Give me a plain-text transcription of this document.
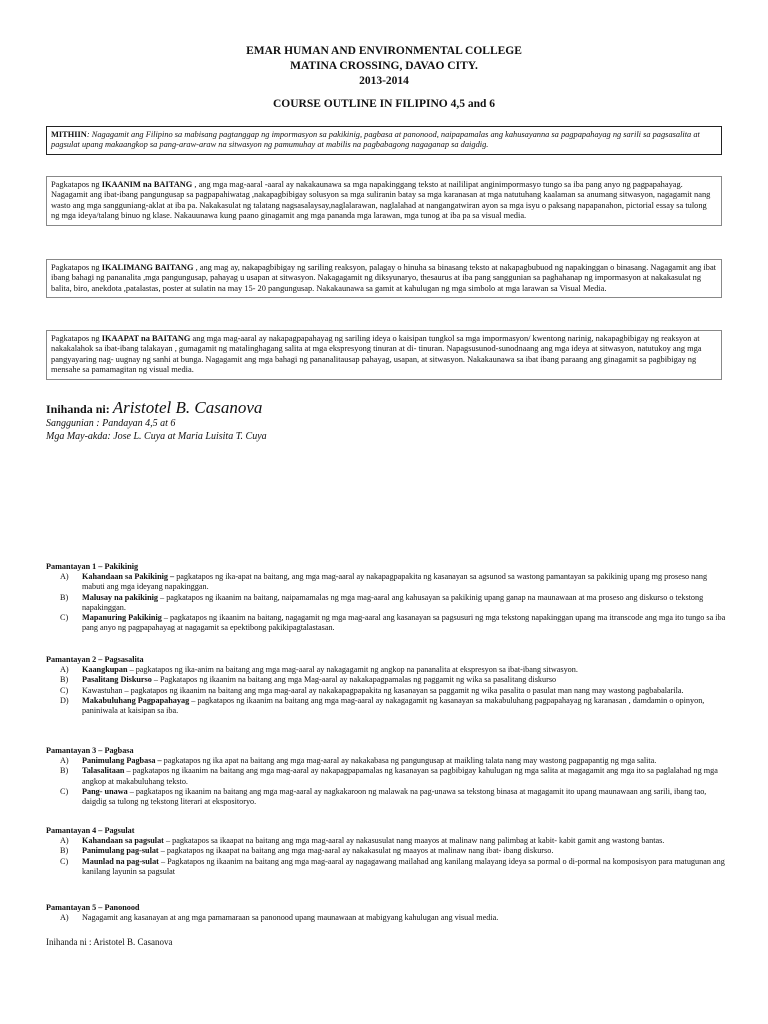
EMAR HUMAN AND ENVIRONMENTAL COLLEGE
MATINA CROSSING, DAVAO CITY.
2013-2014
COURSE OUTLINE IN FILIPINO 4,5 and 6
MITHIIN: Nagagamit ang Filipino sa mabisang pagtanggap ng impormasyon sa pakikinig, pagbasa at panonood, naipapamalas ang kahusayanna sa pagpapahayag ng sarili sa pagsasalita at pagsulat upang makaangkop sa pang-araw-araw na sitwasyon ng pamumuhay at mabilis na pagbabagong nagaganap sa daigdig.
Pagkatapos ng IKAANIM na BAITANG , ang mga mag-aaral -aaral ay nakakaunawa sa mga napakinggang teksto at naililipat anginimpormasyo tungo sa iba pang anyo ng pagpapahayag. Nagagamit ang ibat-ibang pangungusap sa pagpapahiwatag ,nakapagbibigay solusyon sa mga suliranin batay sa mga karanasan at mga natutuhang kaalaman sa anumang sitwasyon, nagagamit nang wasto ang mga sangguniang-aklat at iba pa. Nakakasulat ng talatang nagsasalaysay,naglalarawan, naglalahad at nangangatwiran ayon sa mga isyu o paksang napapanahon, pictorial essay sa tulong ng mga ideya/talang binuo ng klase. Nakauunawa kung paano ginagamit ang mga pananda mga larawan, mga tunog at iba pa sa visual media.
Pagkatapos ng IKALIMANG BAITANG , ang mag ay, nakapagbibigay ng sariling reaksyon, palagay o hinuha sa binasang teksto at nakapagbubuod ng napakinggan o binasang. Nagagamit ang ibat ibang bahagi ng pananalita ,mga pangungusap, pahayag u usapan at sitwasyon. Nakagagamit ng diksyunaryo, thesaurus at iba pang sanggunian sa paghahanap ng impormasyon at nakakasulat ng balita, biro, anekdota ,patalastas, poster at sulatin na may 15- 20 pangungusap. Nakakaunawa sa gamit at kahulugan ng mga simbolo at mga larawan sa Visual Media.
Pagkatapos ng IKAAPAT na BAITANG ang mga mag-aaral ay nakapagpapahayag ng sariling ideya o kaisipan tungkol sa mga impormasyon/ kwentong narinig, nakapagbibigay ng reaksyon at nakakalahok sa ibat-ibang talakayan , gumagamit ng matalinghagang salita at mga ekspresyong tinuran at di- tinuran. Napagsusunod-sunodnaang ang mga ideya at sitwasyon, natutukoy ang mga pangyayaring nag- uugnay ng sanhi at bunga. Nagagamit ang mga bahagi ng pananalitausap pahayag, usapan, at sitwasyon. Nakakaunawa sa ibat ibang paraang ang ginagamit sa pagbibigay ng mensahe sa pamamagitan ng visual media.
Inihanda ni: Aristotel B. Casanova
Sanggunian : Pandayan 4,5 at 6
Mga May-akda: Jose L. Cuya at Maria Luisita T. Cuya
Pamantayan 1 – Pakikinig
A)	Kahandaan sa Pakikinig – pagkatapos ng ika-apat na baitang, ang mga mag-aaral ay nakapagpapakita ng kasanayan sa agsunod sa wastong pamantayan sa pakikinig upang mg proseso nang mabuti ang mga ideyang napakinggan.
B)	Malusay na pakikinig – pagkatapos ng ikaanim na baitang, naipamamalas ng mga mag-aaral ang kahusayan sa pakikinig upang ganap na maunawaan at ma proseso ang diskurso o tekstong napakinggan.
C)	Mapanuring Pakikinig – pagkatapos ng ikaanim na baitang, nagagamit ng mga mag-aaral ang kasanayan sa pagsusuri ng mga tekstong napakinggan upang ma itranscode ang mga ito tungo sa iba pang anyo ng pagpapahayag at nagagamit sa epektibong pakikipagtalastasan.
Pamantayan 2 – Pagsasalita
A)	Kaangkupan – pagkatapos ng ika-anim na baitang ang mga mag-aaral ay nakagagamit ng angkop na pananalita at ekspresyon sa ibat-ibang sitwasyon.
B)	Pasalitang Diskurso – Pagkatapos ng ikaanim na baitang ang mga Mag-aaral ay nakakapagpamalas ng paggamit ng wika sa pasalitang diskurso
C)	Kawastuhan – pagkatapos ng ikaanim na baitang ang mga mag-aaral ay nakakapagpapakita ng kasanayan sa paggamit ng wika pasalita o pasulat man nang may wastong pagbabalarila.
D)	Makabuluhang Pagpapahayag – pagkatapos ng ikaanim na baitang ang mga mag-aaral ay nakagagamit ng kasanayan sa makabuluhang pagpapahayag ng karanasan , damdamin o opinyon, paniniwala at kaisipan sa iba.
Pamantayan 3 – Pagbasa
A)	Panimulang Pagbasa – pagkatapos ng ika apat na baitang ang mga mag-aaral ay nakakabasa ng pangungusap at maikling talata nang may wastong pagpapantig ng mga salita.
B)	Talasalitaan – pagkatapos ng ikaanim na baitang ang mga mag-aaral ay nakapagpapamalas ng kasanayan sa pagbibigay kahulugan ng mga salita at magagamit ang mga ito sa paglalahad ng mga angkop at makabuluhang teksto.
C)	Pang- unawa – pagkatapos ng ikaanim na baitang ang mga mag-aaral ay nagkakaroon ng malawak na pag-unawa sa tekstong binasa at magagamit ito upang maunawaan ang sarili, ibang tao, daigdig sa tulong ng tekstong literari at ekspositoryo.
Pamantayan 4 – Pagsulat
A)	Kahandaan sa pagsulat – pagkatapos sa ikaapat na baitang ang mga mag-aaral ay nakasusulat nang maayos at malinaw nang palimbag at kabit- kabit gamit ang wastong bantas.
B)	Panimulang pag-sulat – pagkatapos ng ikaapat na baitang ang mga mag-aaral ay nakakasulat ng maayos at malinaw nang ibat- ibang diskurso.
C)	Maunlad na pag-sulat – Pagkatapos ng ikaanim na baitang ang mga mag-aaral ay nagagawang mailahad ang kanilang malayang ideya sa pormal o di-pormal na komposisyon para matugunan ang kanilang layunin sa pagsulat
Pamantayan 5 – Panonood
A)	Nagagamit ang kasanayan at ang mga pamamaraan sa panonood upang maunawaan at mabigyang kahulugan ang visual media.
Inihanda ni : Aristotel B. Casanova
